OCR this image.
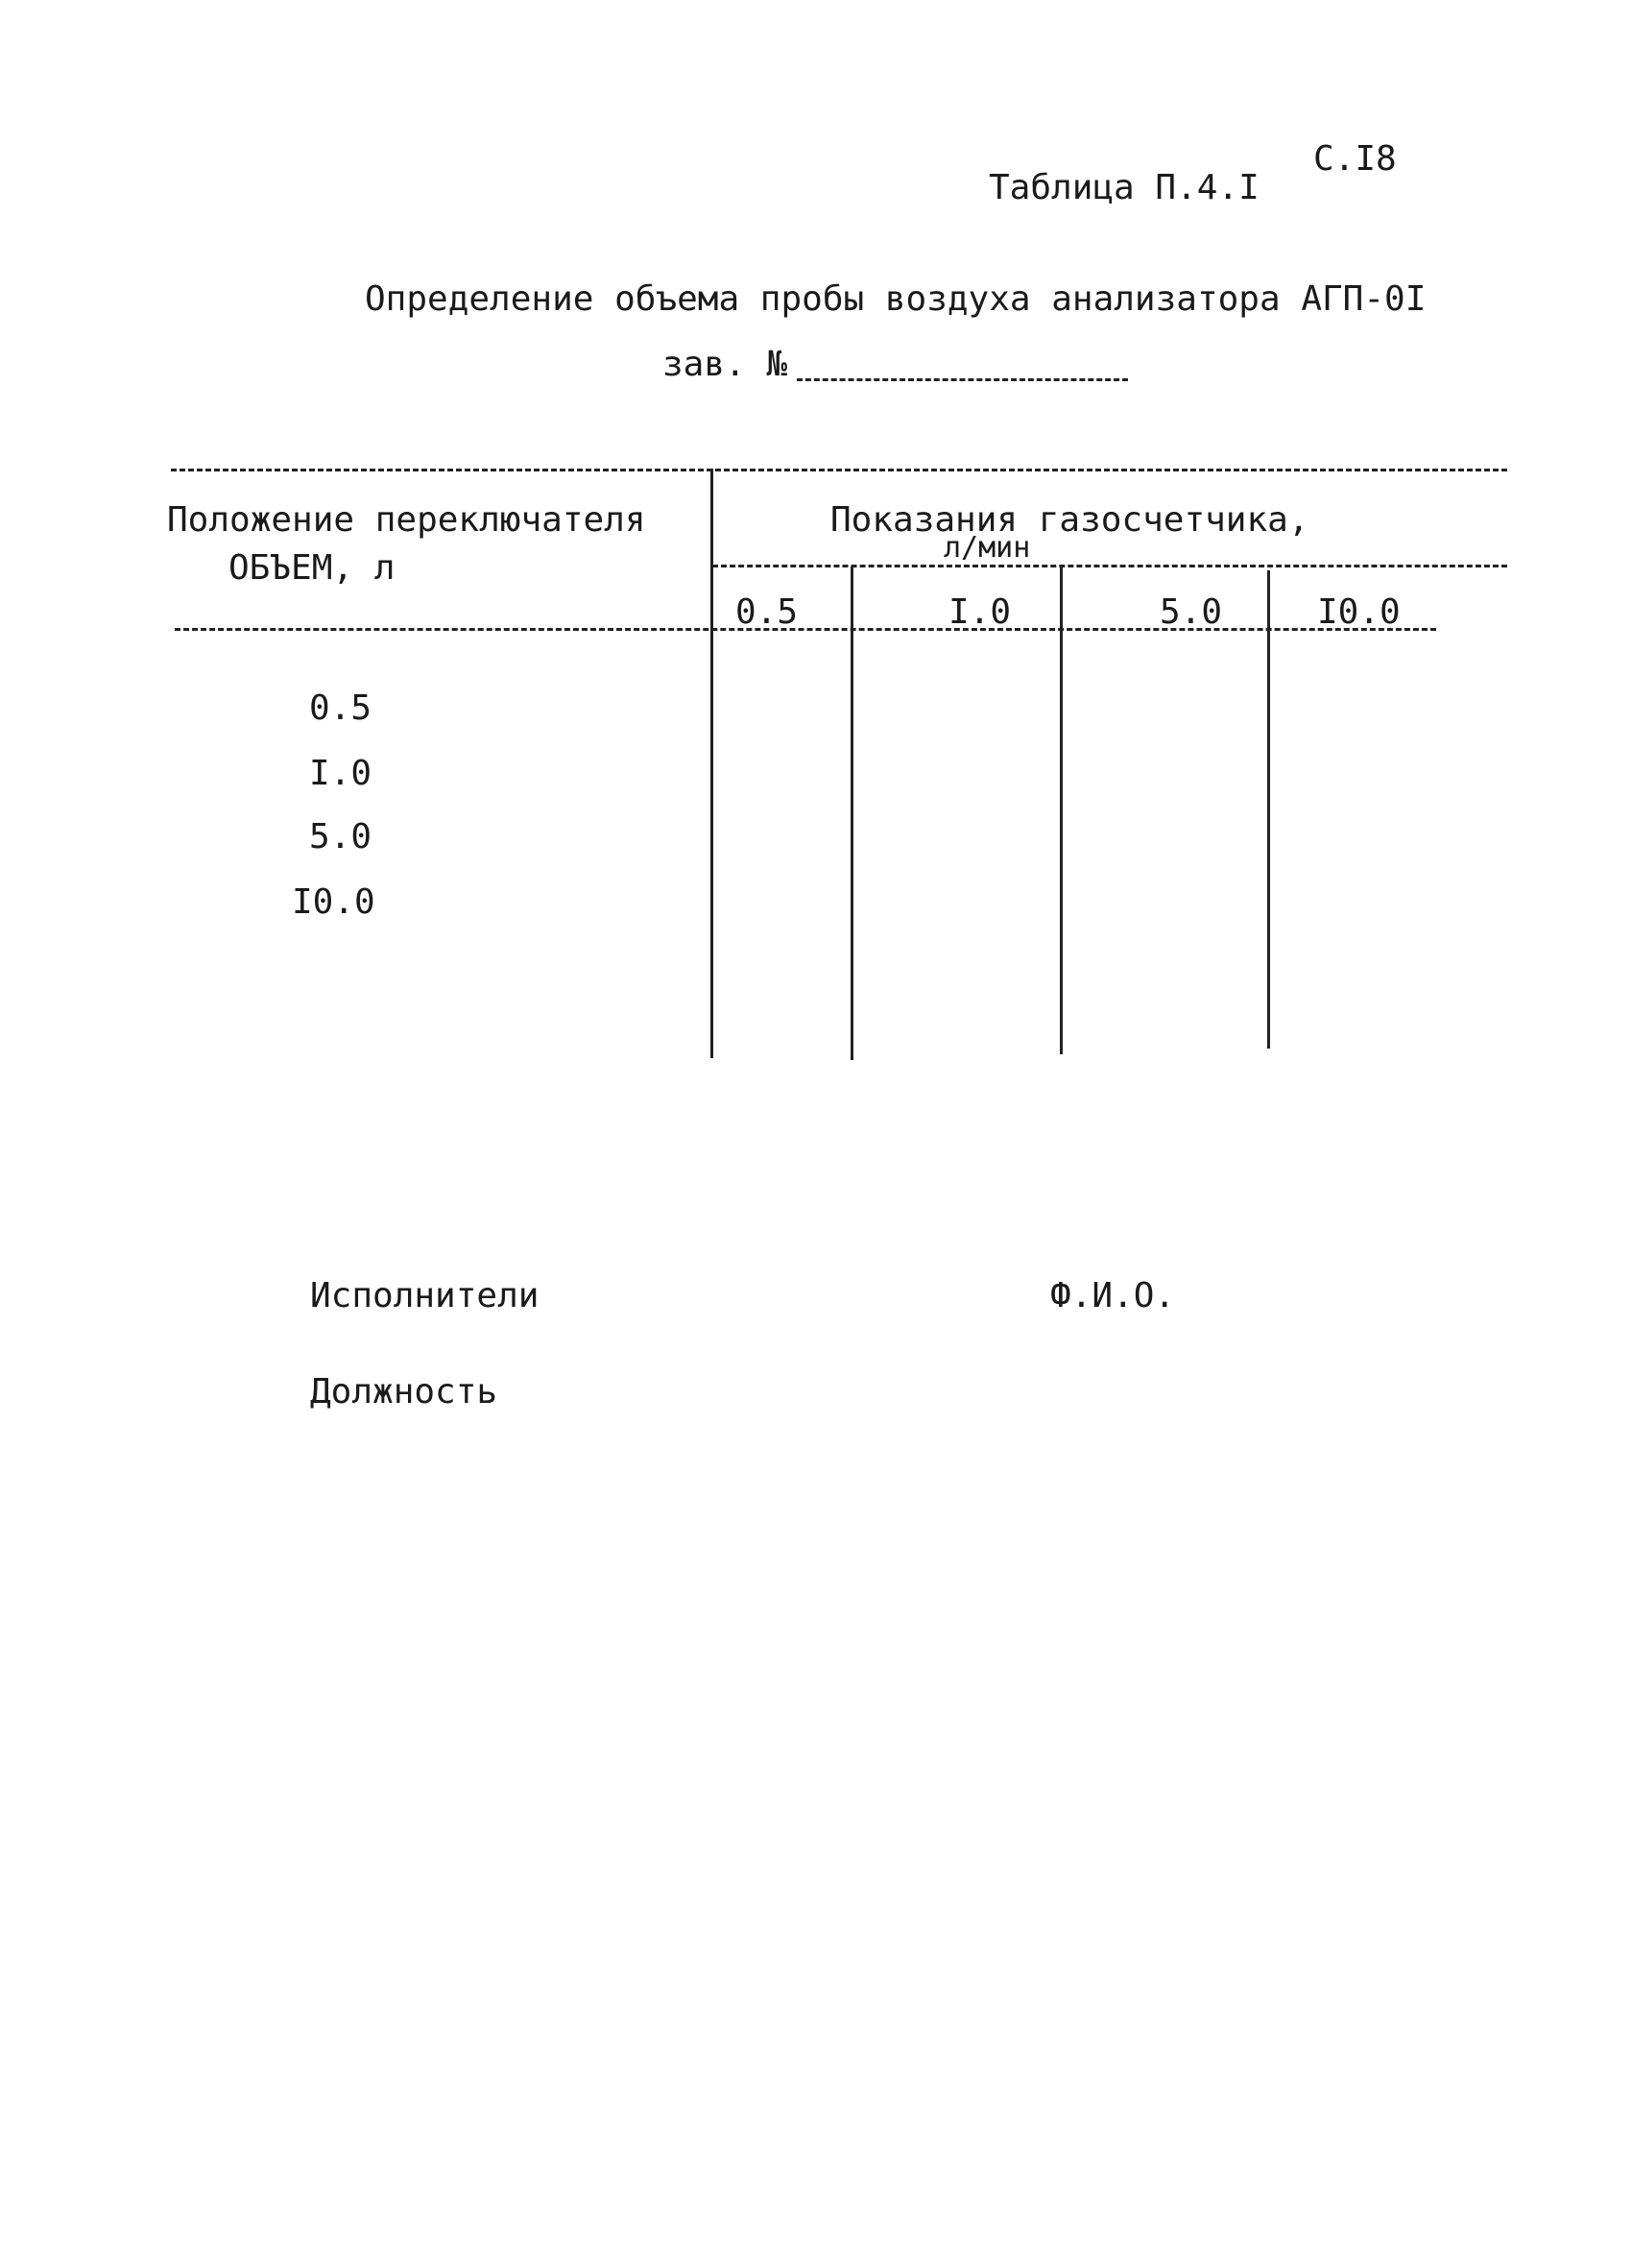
С.I8
Таблица П.4.I
Определение объема пробы воздуха анализатора АГП-0I
зав. №
Положение переключателя
ОБЪЕМ, л
Показания газосчетчика,
л/мин
0.5	I.0	5.0	I0.0
0.5
I.0
5.0
I0.0
Исполнители	Ф.И.О.
Должность
